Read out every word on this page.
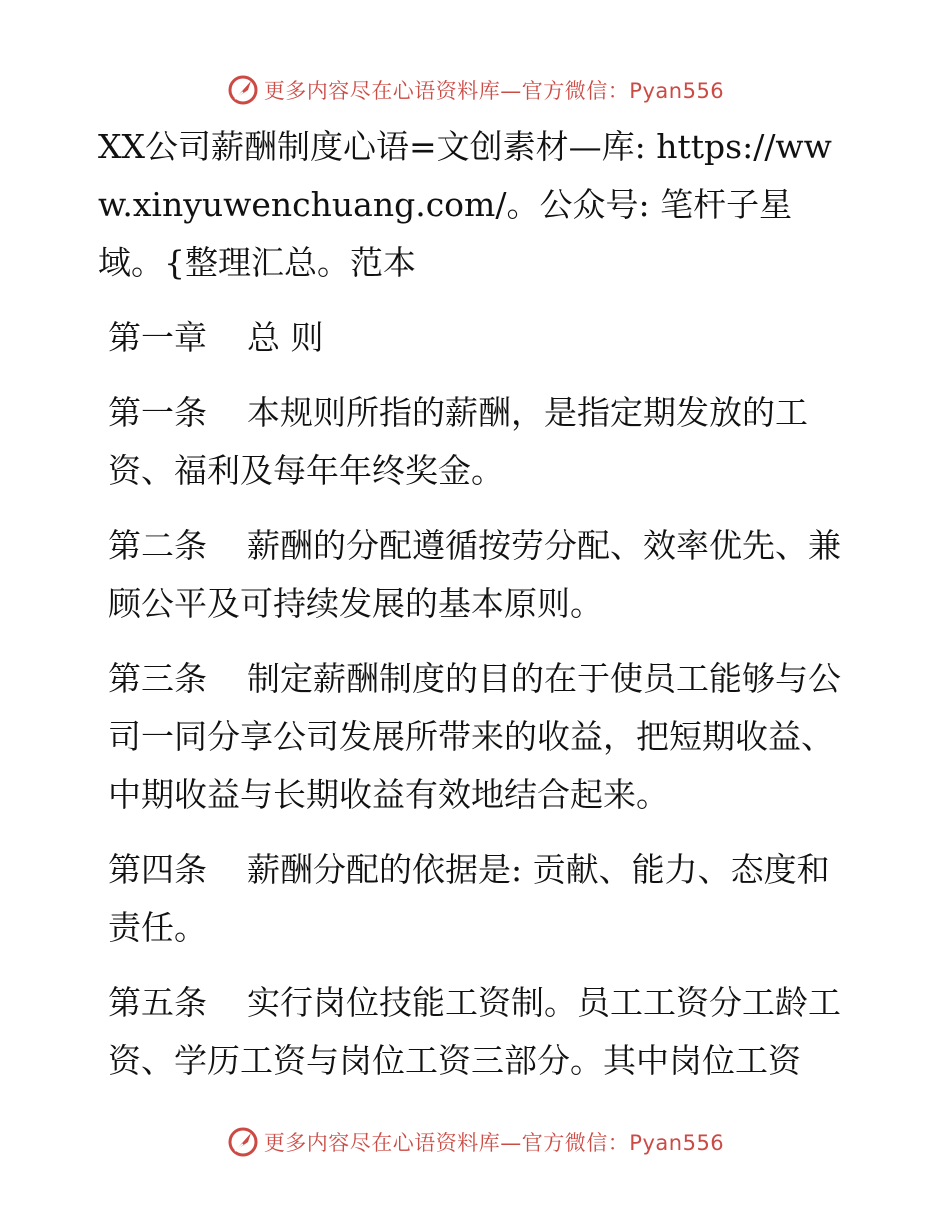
更多内容尽在心语资料库—官方微信：Pyan556

XX公司薪酬制度心语=文创素材—库: https://www.xinyuwenchuang.com/。公众号: 笔杆子星域。{整理汇总。范本

第一章 总 则

第一条 本规则所指的薪酬，是指定期发放的工资、福利及每年年终奖金。

第二条 薪酬的分配遵循按劳分配、效率优先、兼顾公平及可持续发展的基本原则。

第三条 制定薪酬制度的目的在于使员工能够与公司一同分享公司发展所带来的收益，把短期收益、中期收益与长期收益有效地结合起来。

第四条 薪酬分配的依据是: 贡献、能力、态度和责任。

第五条 实行岗位技能工资制。员工工资分工龄工资、学历工资与岗位工资三部分。其中岗位工资

更多内容尽在心语资料库—官方微信：Pyan556
